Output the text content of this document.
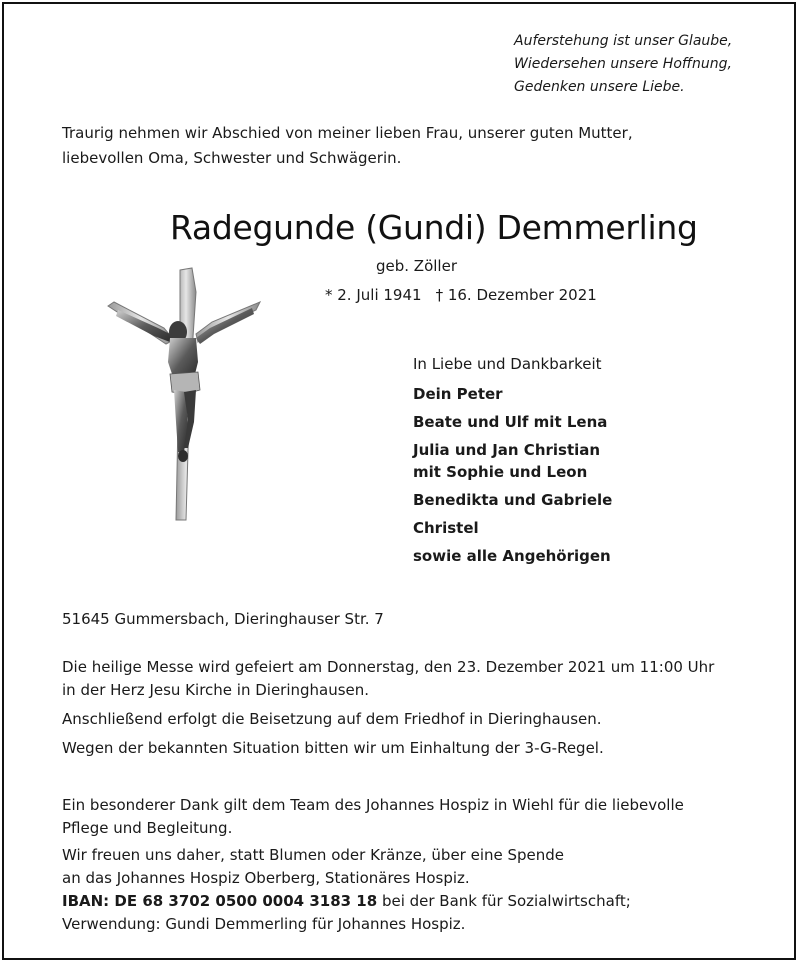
Auferstehung ist unser Glaube,
Wiedersehen unsere Hoffnung,
Gedenken unsere Liebe.
Traurig nehmen wir Abschied von meiner lieben Frau, unserer guten Mutter,
liebevollen Oma, Schwester und Schwägerin.
Radegunde (Gundi) Demmerling
geb. Zöller
* 2. Juli 1941 † 16. Dezember 2021
In Liebe und Dankbarkeit
Dein Peter
Beate und Ulf mit Lena
Julia und Jan Christian
mit Sophie und Leon
Benedikta und Gabriele
Christel
sowie alle Angehörigen
51645 Gummersbach, Dieringhauser Str. 7
Die heilige Messe wird gefeiert am Donnerstag, den 23. Dezember 2021 um 11:00 Uhr
in der Herz Jesu Kirche in Dieringhausen.
Anschließend erfolgt die Beisetzung auf dem Friedhof in Dieringhausen.
Wegen der bekannten Situation bitten wir um Einhaltung der 3-G-Regel.
Ein besonderer Dank gilt dem Team des Johannes Hospiz in Wiehl für die liebevolle
Pflege und Begleitung.
Wir freuen uns daher, statt Blumen oder Kränze, über eine Spende
an das Johannes Hospiz Oberberg, Stationäres Hospiz.
IBAN: DE 68 3702 0500 0004 3183 18 bei der Bank für Sozialwirtschaft;
Verwendung: Gundi Demmerling für Johannes Hospiz.
